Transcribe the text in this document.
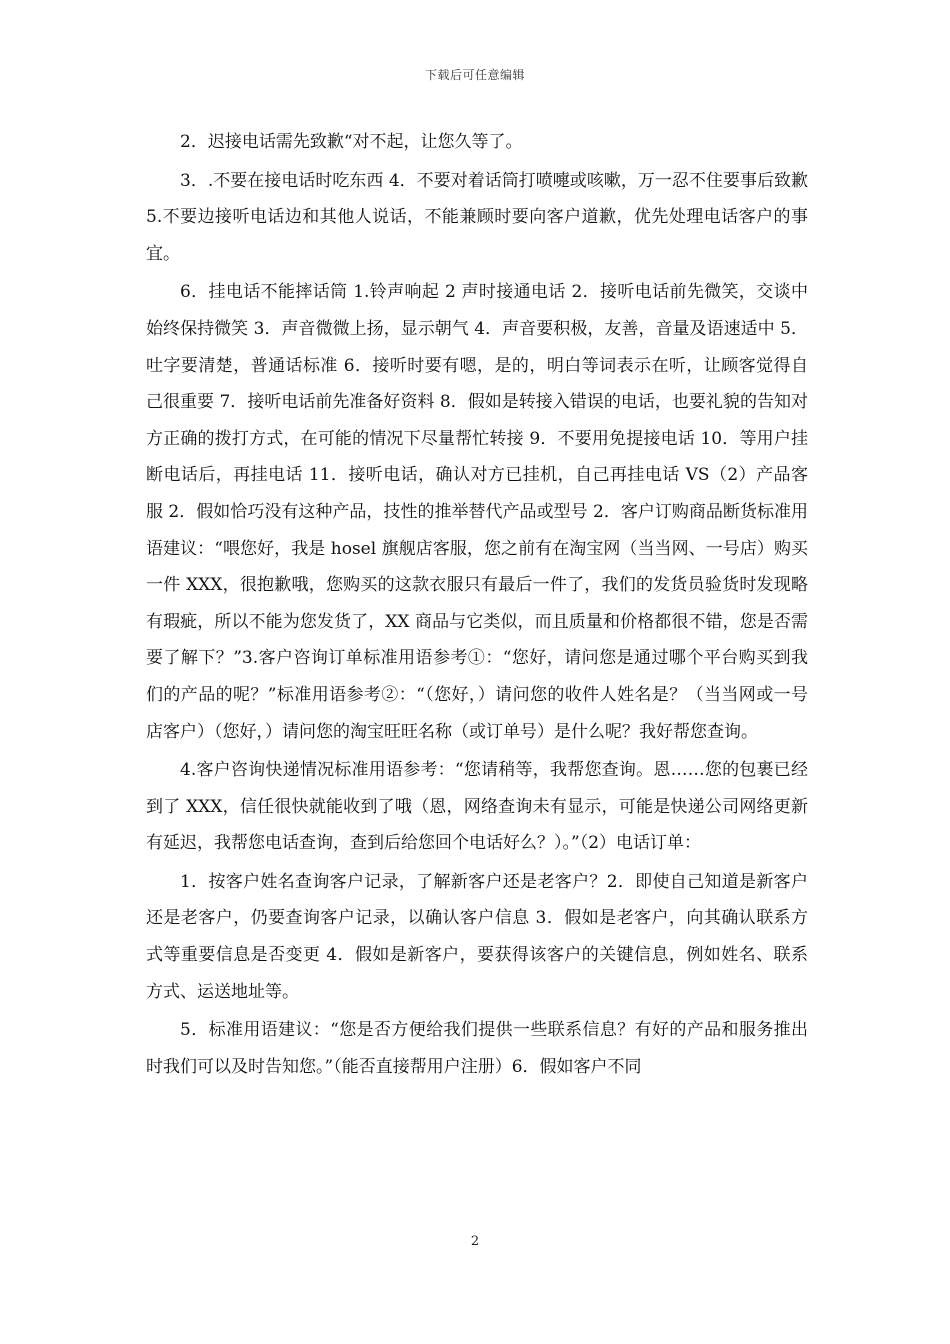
下载后可任意编辑

2．迟接电话需先致歉“对不起，让您久等了。

3．.不要在接电话时吃东西 4．不要对着话筒打喷嚏或咳嗽，万一忍不住要事后致歉 5.不要边接听电话边和其他人说话，不能兼顾时要向客户道歉，优先处理电话客户的事宜。

6．挂电话不能摔话筒 1.铃声响起 2 声时接通电话 2．接听电话前先微笑，交谈中始终保持微笑 3．声音微微上扬，显示朝气 4．声音要积极，友善，音量及语速适中 5．吐字要清楚，普通话标准 6．接听时要有嗯，是的，明白等词表示在听，让顾客觉得自己很重要 7．接听电话前先准备好资料 8．假如是转接入错误的电话，也要礼貌的告知对方正确的拨打方式，在可能的情况下尽量帮忙转接 9．不要用免提接电话 10．等用户挂断电话后，再挂电话 11．接听电话，确认对方已挂机，自己再挂电话 VS（2）产品客服 2．假如恰巧没有这种产品，技性的推举替代产品或型号 2．客户订购商品断货标准用语建议：“喂您好，我是 hosel 旗舰店客服，您之前有在淘宝网（当当网、一号店）购买一件 XXX，很抱歉哦，您购买的这款衣服只有最后一件了，我们的发货员验货时发现略有瑕疵，所以不能为您发货了，XX 商品与它类似，而且质量和价格都很不错，您是否需要了解下？”3.客户咨询订单标准用语参考①：“您好，请问您是通过哪个平台购买到我们的产品的呢？”标准用语参考②：“（您好，）请问您的收件人姓名是？（当当网或一号店客户）（您好，）请问您的淘宝旺旺名称（或订单号）是什么呢？我好帮您查询。

4.客户咨询快递情况标准用语参考：“您请稍等，我帮您查询。恩……您的包裹已经到了 XXX，信任很快就能收到了哦（恩，网络查询未有显示，可能是快递公司网络更新有延迟，我帮您电话查询，查到后给您回个电话好么？）。”（2）电话订单：

1．按客户姓名查询客户记录，了解新客户还是老客户？2．即使自己知道是新客户还是老客户，仍要查询客户记录，以确认客户信息 3．假如是老客户，向其确认联系方式等重要信息是否变更 4．假如是新客户，要获得该客户的关键信息，例如姓名、联系方式、运送地址等。

5．标准用语建议：“您是否方便给我们提供一些联系信息？有好的产品和服务推出时我们可以及时告知您。”（能否直接帮用户注册）6．假如客户不同

2
